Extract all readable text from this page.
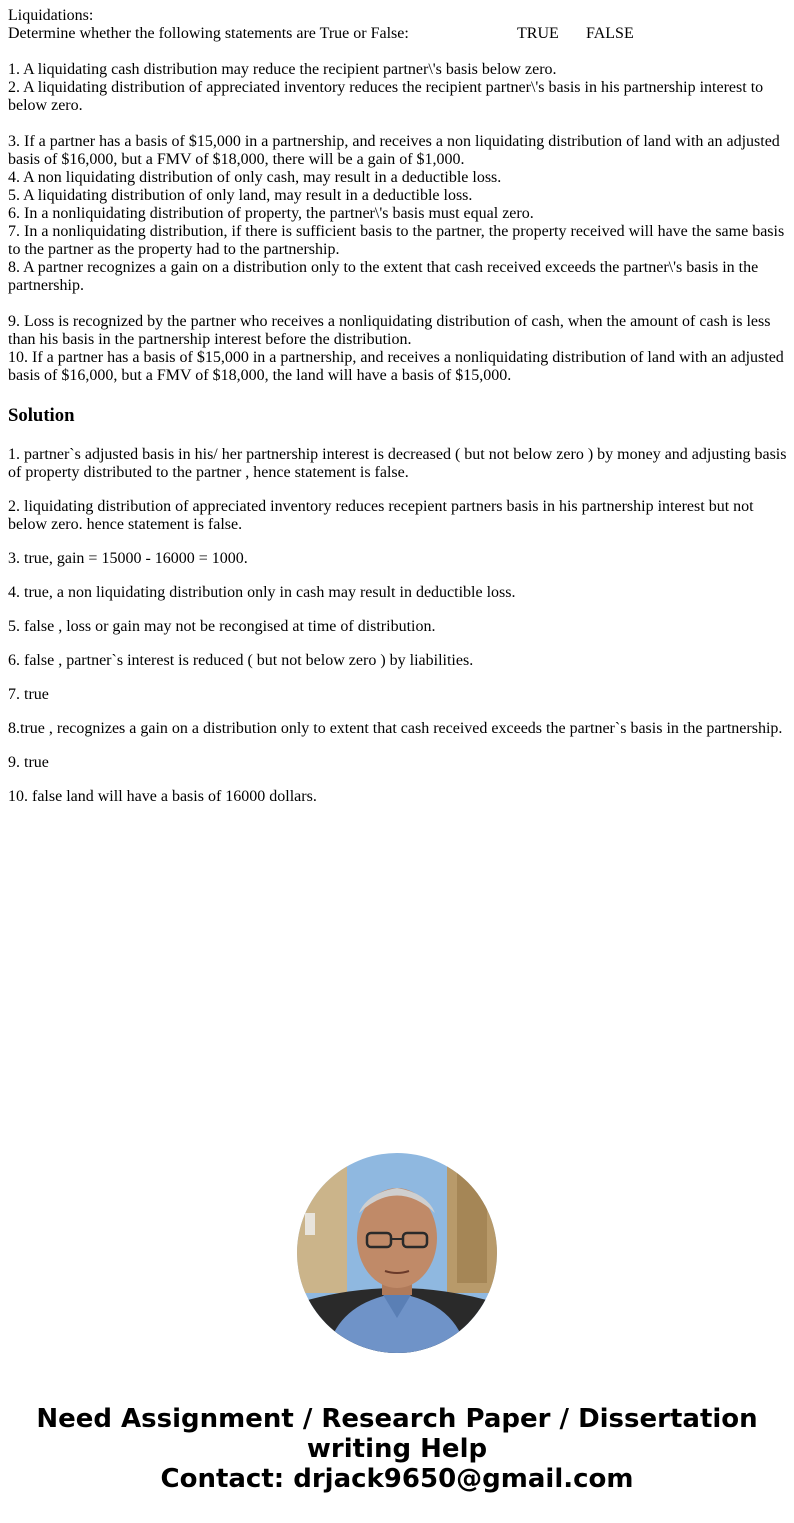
Liquidations:
Determine whether the following statements are True or False:	TRUE FALSE
1. A liquidating cash distribution may reduce the recipient partner\'s basis below zero.
2. A liquidating distribution of appreciated inventory reduces the recipient partner\'s basis in his partnership interest to below zero.
3. If a partner has a basis of $15,000 in a partnership, and receives a non liquidating distribution of land with an adjusted basis of $16,000, but a FMV of $18,000, there will be a gain of $1,000.
4. A non liquidating distribution of only cash, may result in a deductible loss.
5. A liquidating distribution of only land, may result in a deductible loss.
6. In a nonliquidating distribution of property, the partner\'s basis must equal zero.
7. In a nonliquidating distribution, if there is sufficient basis to the partner, the property received will have the same basis to the partner as the property had to the partnership.
8. A partner recognizes a gain on a distribution only to the extent that cash received exceeds the partner\'s basis in the partnership.
9. Loss is recognized by the partner who receives a nonliquidating distribution of cash, when the amount of cash is less than his basis in the partnership interest before the distribution.
10. If a partner has a basis of $15,000 in a partnership, and receives a nonliquidating distribution of land with an adjusted basis of $16,000, but a FMV of $18,000, the land will have a basis of $15,000.
Solution

1. partner`s adjusted basis in his/ her partnership interest is decreased ( but not below zero ) by money and adjusting basis of property distributed to the partner , hence statement is false.

2. liquidating distribution of appreciated inventory reduces recepient partners basis in his partnership interest but not below zero. hence statement is false.

3. true, gain = 15000 - 16000 = 1000.

4. true, a non liquidating distribution only in cash may result in deductible loss.

5. false , loss or gain may not be recongised at time of distribution.

6. false , partner`s interest is reduced ( but not below zero ) by liabilities.

7. true

8.true , recognizes a gain on a distribution only to extent that cash received exceeds the partner`s basis in the partnership.

9. true

10. false land will have a basis of 16000 dollars.

Need Assignment / Research Paper / Dissertation
writing Help
Contact: drjack9650@gmail.com
